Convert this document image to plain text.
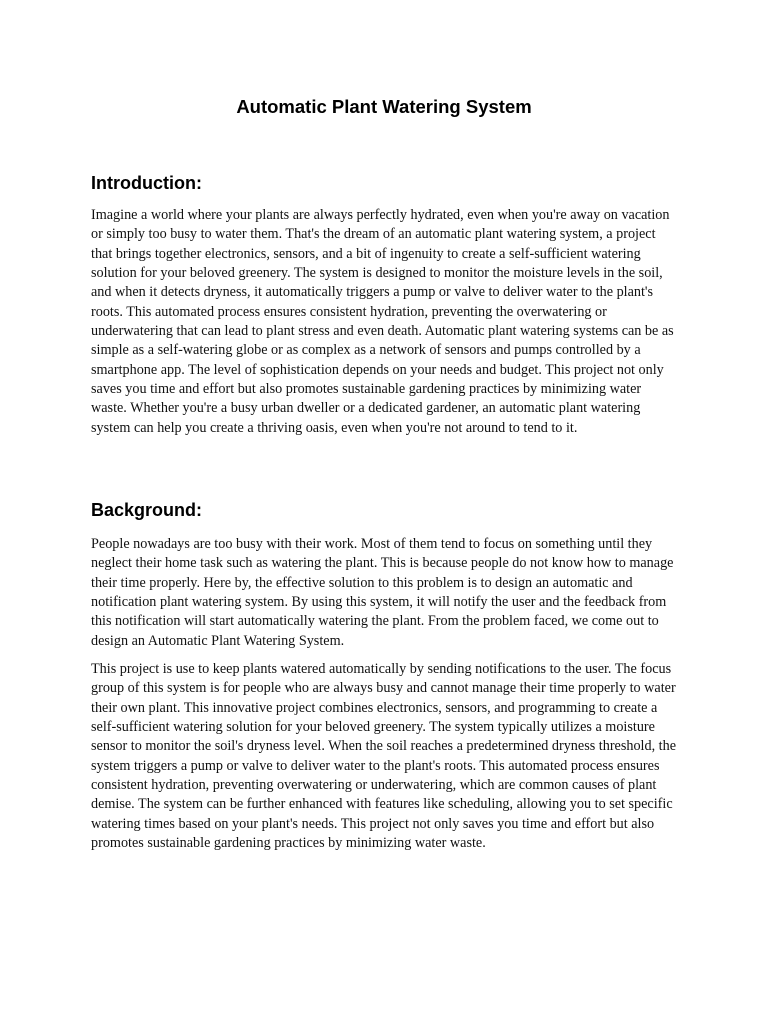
Automatic Plant Watering System
Introduction:

Imagine a world where your plants are always perfectly hydrated, even when you're away on vacation or simply too busy to water them. That's the dream of an automatic plant watering system, a project that brings together electronics, sensors, and a bit of ingenuity to create a self-sufficient watering solution for your beloved greenery. The system is designed to monitor the moisture levels in the soil, and when it detects dryness, it automatically triggers a pump or valve to deliver water to the plant's roots. This automated process ensures consistent hydration, preventing the overwatering or underwatering that can lead to plant stress and even death. Automatic plant watering systems can be as simple as a self-watering globe or as complex as a network of sensors and pumps controlled by a smartphone app. The level of sophistication depends on your needs and budget. This project not only saves you time and effort but also promotes sustainable gardening practices by minimizing water waste. Whether you're a busy urban dweller or a dedicated gardener, an automatic plant watering system can help you create a thriving oasis, even when you're not around to tend to it.

Background:

People nowadays are too busy with their work. Most of them tend to focus on something until they neglect their home task such as watering the plant. This is because people do not know how to manage their time properly. Here by, the effective solution to this problem is to design an automatic and notification plant watering system. By using this system, it will notify the user and the feedback from this notification will start automatically watering the plant. From the problem faced, we come out to design an Automatic Plant Watering System.

This project is use to keep plants watered automatically by sending notifications to the user. The focus group of this system is for people who are always busy and cannot manage their time properly to water their own plant. This innovative project combines electronics, sensors, and programming to create a self-sufficient watering solution for your beloved greenery. The system typically utilizes a moisture sensor to monitor the soil's dryness level. When the soil reaches a predetermined dryness threshold, the system triggers a pump or valve to deliver water to the plant's roots. This automated process ensures consistent hydration, preventing overwatering or underwatering, which are common causes of plant demise. The system can be further enhanced with features like scheduling, allowing you to set specific watering times based on your plant's needs. This project not only saves you time and effort but also promotes sustainable gardening practices by minimizing water waste.
